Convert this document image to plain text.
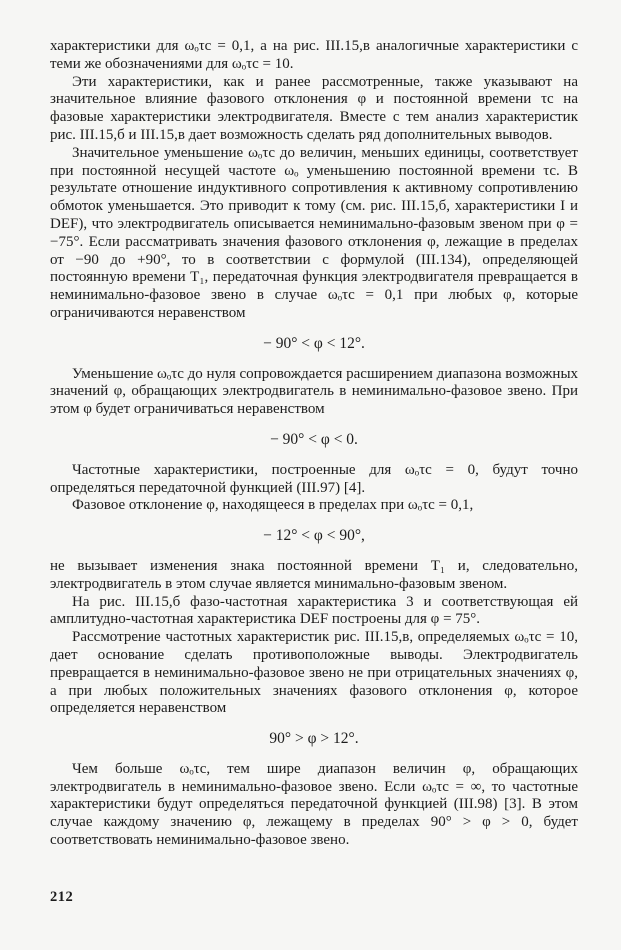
характеристики для ωₒτc = 0,1, а на рис. III.15,в аналогичные характеристики с теми же обозначениями для ωₒτc = 10.

Эти характеристики, как и ранее рассмотренные, также указывают на значительное влияние фазового отклонения φ и постоянной времени τc на фазовые характеристики электродвигателя. Вместе с тем анализ характеристик рис. III.15,б и III.15,в дает возможность сделать ряд дополнительных выводов.

Значительное уменьшение ωₒτc до величин, меньших единицы, соответствует при постоянной несущей частоте ωₒ уменьшению постоянной времени τc. В результате отношение индуктивного сопротивления к активному сопротивлению обмоток уменьшается. Это приводит к тому (см. рис. III.15,б, характеристики I и DEF), что электродвигатель описывается неминимально-фазовым звеном при φ = −75°. Если рассматривать значения фазового отклонения φ, лежащие в пределах от −90 до +90°, то в соответствии с формулой (III.134), определяющей постоянную времени T₁, передаточная функция электродвигателя превращается в неминимально-фазовое звено в случае ωₒτc = 0,1 при любых φ, которые ограничиваются неравенством

− 90° < φ < 12°.

Уменьшение ωₒτc до нуля сопровождается расширением диапазона возможных значений φ, обращающих электродвигатель в неминимально-фазовое звено. При этом φ будет ограничиваться неравенством

− 90° < φ < 0.

Частотные характеристики, построенные для ωₒτc = 0, будут точно определяться передаточной функцией (III.97) [4].

Фазовое отклонение φ, находящееся в пределах при ωₒτc = 0,1,

− 12° < φ < 90°,

не вызывает изменения знака постоянной времени T₁ и, следовательно, электродвигатель в этом случае является минимально-фазовым звеном.

На рис. III.15,б фазо-частотная характеристика 3 и соответствующая ей амплитудно-частотная характеристика DEF построены для φ = 75°.

Рассмотрение частотных характеристик рис. III.15,в, определяемых ωₒτc = 10, дает основание сделать противоположные выводы. Электродвигатель превращается в неминимально-фазовое звено не при отрицательных значениях φ, а при любых положительных значениях фазового отклонения φ, которое определяется неравенством

90° > φ > 12°.

Чем больше ωₒτc, тем шире диапазон величин φ, обращающих электродвигатель в неминимально-фазовое звено. Если ωₒτc = ∞, то частотные характеристики будут определяться передаточной функцией (III.98) [3]. В этом случае каждому значению φ, лежащему в пределах 90° > φ > 0, будет соответствовать неминимально-фазовое звено.

212
